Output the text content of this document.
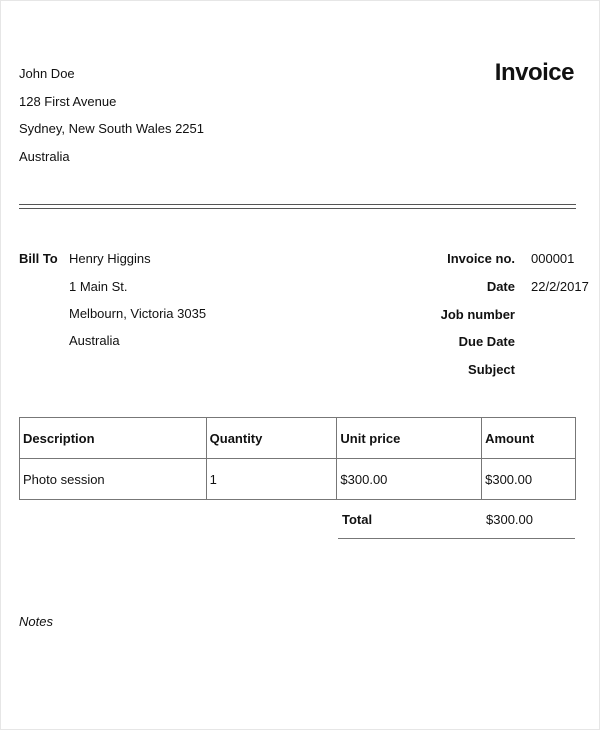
John Doe
128 First Avenue
Sydney, New South Wales 2251
Australia
Invoice
Bill To Henry Higgins
1 Main St.
Melbourn, Victoria 3035
Australia
Invoice no. 000001
Date 22/2/2017
Job number
Due Date
Subject
Description	Quantity	Unit price	Amount
Photo session	1	$300.00	$300.00
Total	$300.00
Notes
